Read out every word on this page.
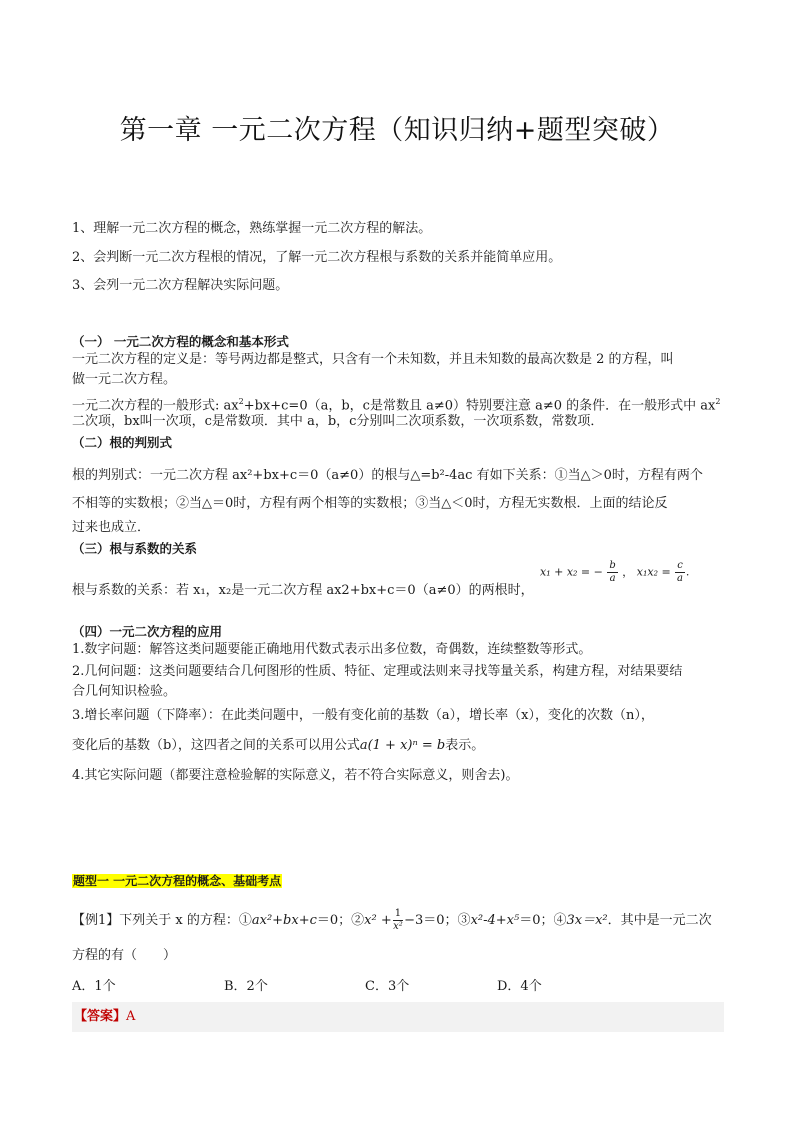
第一章 一元二次方程（知识归纳+题型突破）
1、理解一元二次方程的概念，熟练掌握一元二次方程的解法。
2、会判断一元二次方程根的情况，了解一元二次方程根与系数的关系并能简单应用。
3、会列一元二次方程解决实际问题。
（一） 一元二次方程的概念和基本形式
一元二次方程的定义是：等号两边都是整式，只含有一个未知数，并且未知数的最高次数是 2 的方程，叫
做一元二次方程。
一元二次方程的一般形式: $ax^2+bx+c=0(a$，b，c是常数且 a≠0）特别要注意 a≠0 的条件．在一般形式中 $ax^2$
二次项，bx叫一次项，c是常数项．其中 a，b，c分别叫二次项系数，一次项系数，常数项．
（二）根的判别式
根的判别式：一元二次方程 ax²+bx+c＝0（a≠0）的根与△=b²-4ac 有如下关系：①当△＞0时，方程有两个
不相等的实数根；②当△＝0时，方程有两个相等的实数根；③当△＜0时，方程无实数根．上面的结论反
过来也成立．
（三）根与系数的关系
根与系数的关系：若 x₁，x₂是一元二次方程 ax2+bx+c＝0（a≠0）的两根时，
x₁ + x₂ = − $\frac{b}{a}$ ， $x_1x_2 = \frac{c}{a}$ .
（四）一元二次方程的应用
1.数字问题：解答这类问题要能正确地用代数式表示出多位数，奇偶数，连续整数等形式。
2.几何问题：这类问题要结合几何图形的性质、特征、定理或法则来寻找等量关系，构建方程，对结果要结
合几何知识检验。
3.增长率问题（下降率）：在此类问题中，一般有变化前的基数（a），增长率（x），变化的次数（n），
变化后的基数（b），这四者之间的关系可以用公式a(1 + x)ⁿ = b表示。
4.其它实际问题（都要注意检验解的实际意义，若不符合实际意义，则舍去)。
题型一 一元二次方程的概念、基础考点
【例1】下列关于 x 的方程：①ax²+bx+c＝0；②x² + $\frac{1}{\text{x²}} -3=0$；③x²-4+x⁵＝0；④3x＝x²．其中是一元二次
方程的有（　　）
A．1个	B．2个	C．3个	D．4个
【答案】A
